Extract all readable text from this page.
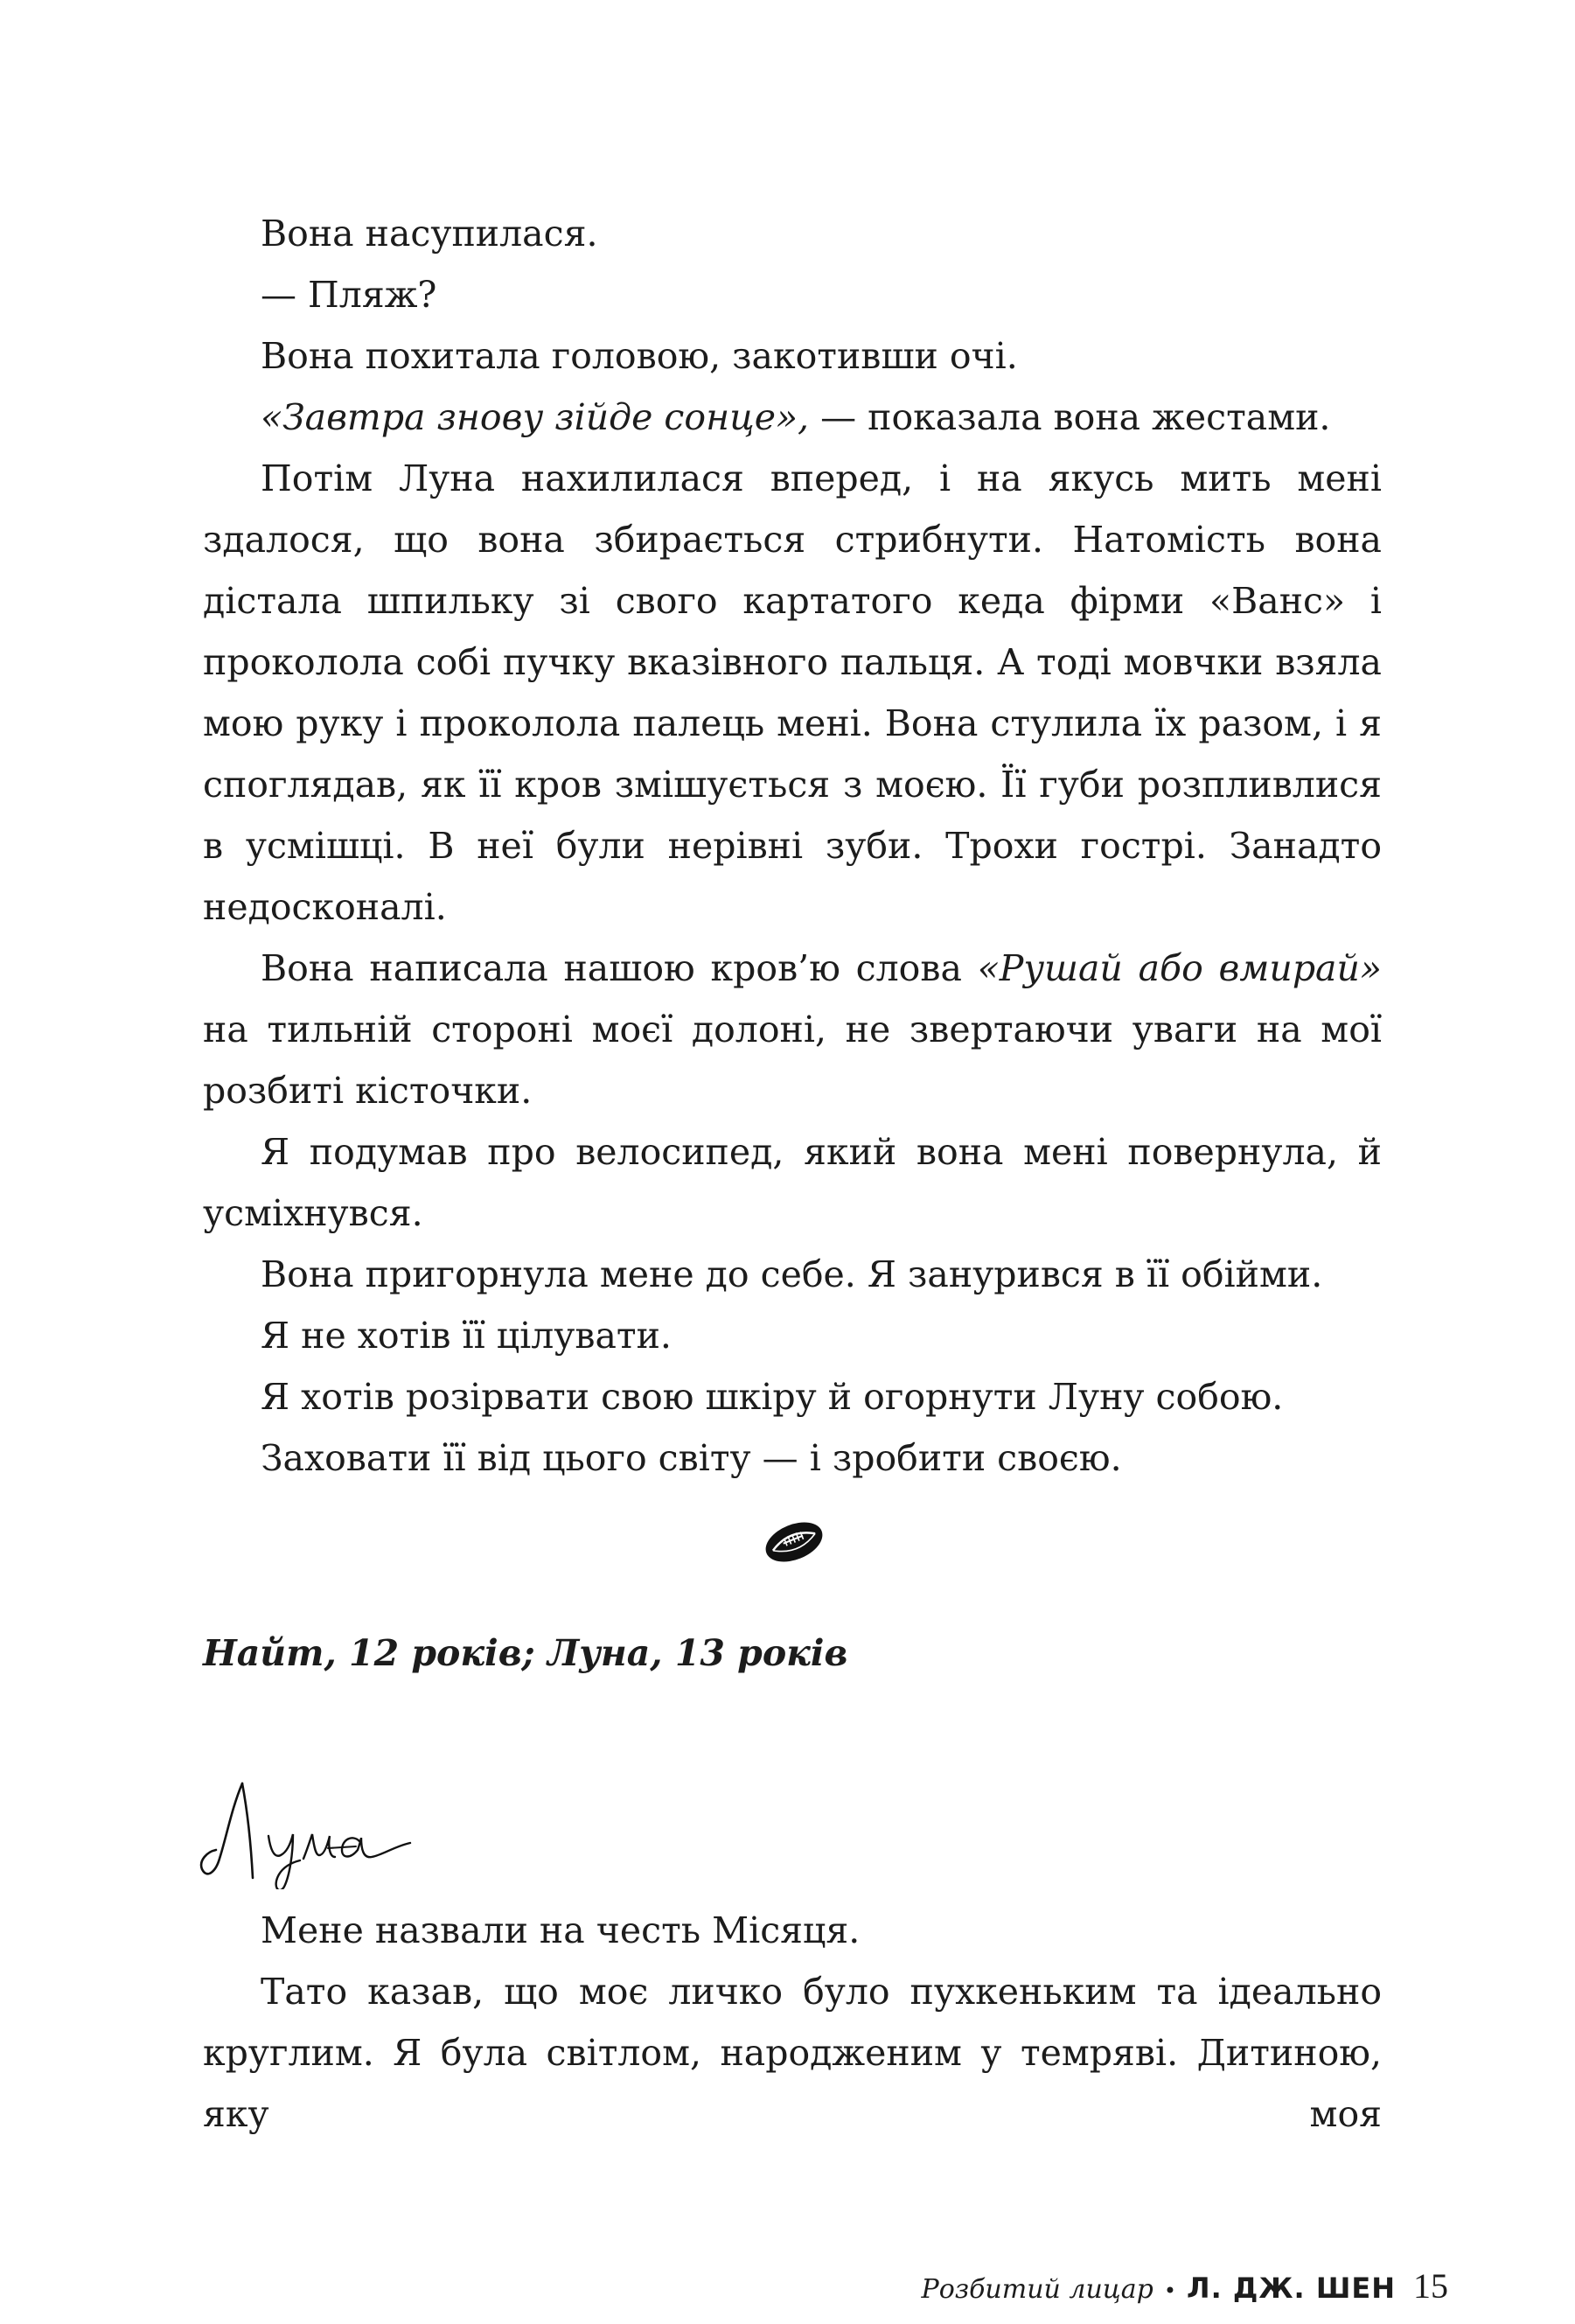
Вона насупилася.

— Пляж?

Вона похитала головою, закотивши очі.

«Завтра знову зійде сонце», — показала вона жестами.

Потім Луна нахилилася вперед, і на якусь мить мені здалося, що вона збирається стрибнути. Натомість вона дістала шпильку зі свого картатого кеда фірми «Ванс» і проколола собі пучку вказівного пальця. А тоді мовчки взяла мою руку і проколола палець мені. Вона стулила їх разом, і я споглядав, як її кров змішується з моєю. Її губи розпливлися в усмішці. В неї були нерівні зуби. Трохи гострі. Занадто недосконалі.

Вона написала нашою кров’ю слова «Рушай або вмирай» на тильній стороні моєї долоні, не звертаючи уваги на мої розбиті кісточки.

Я подумав про велосипед, який вона мені повернула, й усміхнувся.

Вона пригорнула мене до себе. Я занурився в її обійми.

Я не хотів її цілувати.

Я хотів розірвати свою шкіру й огорнути Луну собою.

Заховати її від цього світу — і зробити своєю.

Найт, 12 років; Луна, 13 років

Мене назвали на честь Місяця.

Тато казав, що моє личко було пухкеньким та ідеально круглим. Я була світлом, народженим у темряві. Дитиною, яку моя

Розбитий лицар • Л. ДЖ. ШЕН 15
